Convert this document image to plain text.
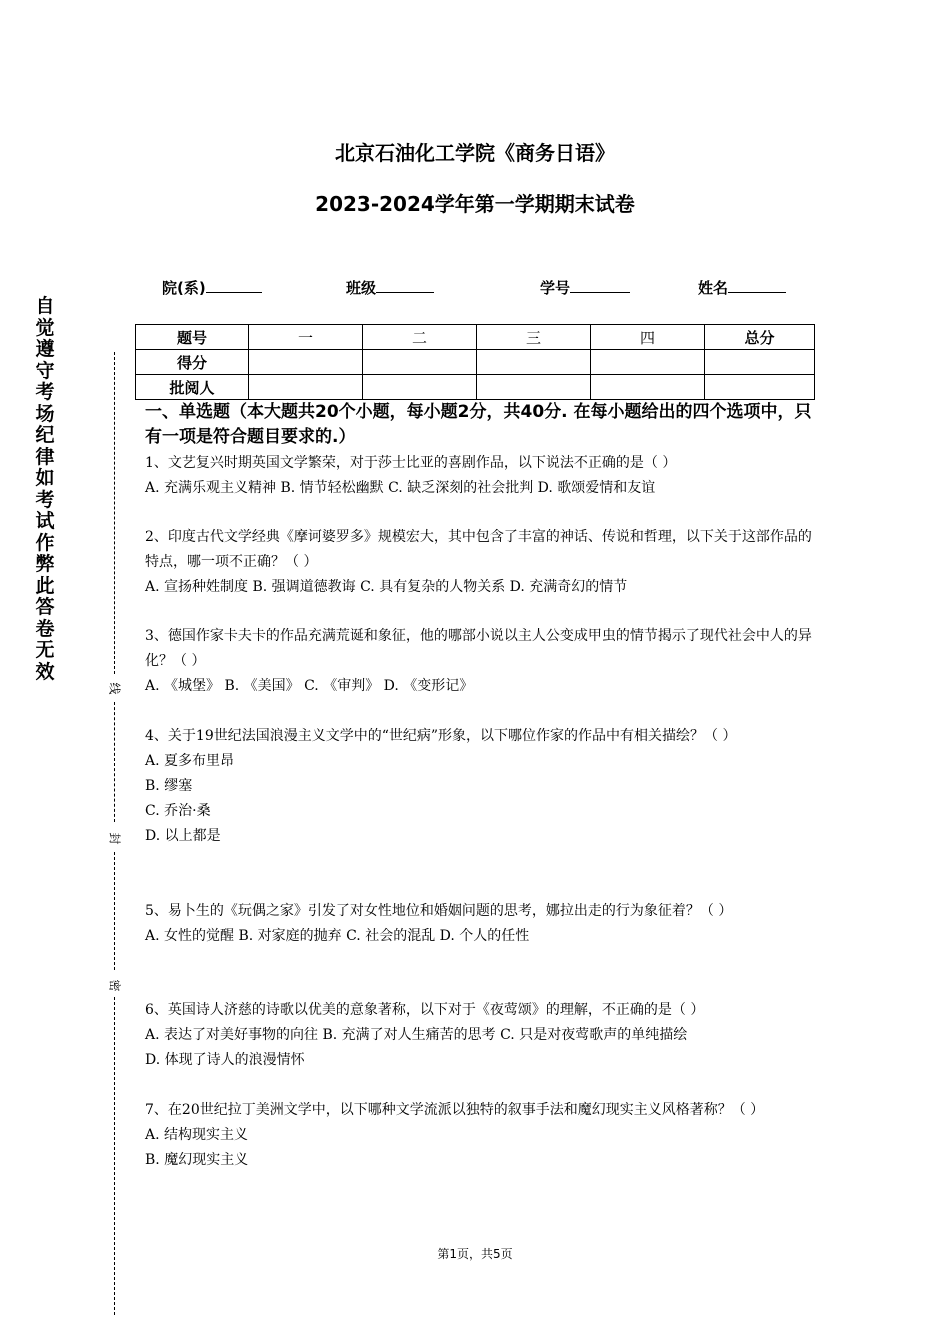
北京石油化工学院《商务日语》
2023-2024学年第一学期期末试卷
院(系)	班级	学号	姓名
题号	一	二	三	四	总分
得分					
批阅人					
自觉遵守考场纪律如考试作弊此答卷无效
线
封
密
一、单选题（本大题共20个小题，每小题2分，共40分. 在每小题给出的四个选项中，只有一项是符合题目要求的.）

1、文艺复兴时期英国文学繁荣，对于莎士比亚的喜剧作品，以下说法不正确的是（ ）

A. 充满乐观主义精神 B. 情节轻松幽默 C. 缺乏深刻的社会批判 D. 歌颂爱情和友谊

2、印度古代文学经典《摩诃婆罗多》规模宏大，其中包含了丰富的神话、传说和哲理，以下关于这部作品的特点，哪一项不正确？（ ）

A. 宣扬种姓制度 B. 强调道德教诲 C. 具有复杂的人物关系 D. 充满奇幻的情节

3、德国作家卡夫卡的作品充满荒诞和象征，他的哪部小说以主人公变成甲虫的情节揭示了现代社会中人的异化？（ ）

A. 《城堡》 B. 《美国》 C. 《审判》 D. 《变形记》

4、关于19世纪法国浪漫主义文学中的“世纪病”形象，以下哪位作家的作品中有相关描绘？（ ）

A. 夏多布里昂

B. 缪塞

C. 乔治·桑

D. 以上都是

5、易卜生的《玩偶之家》引发了对女性地位和婚姻问题的思考，娜拉出走的行为象征着？（ ）

A. 女性的觉醒 B. 对家庭的抛弃 C. 社会的混乱 D. 个人的任性

6、英国诗人济慈的诗歌以优美的意象著称，以下对于《夜莺颂》的理解，不正确的是（ ）

A. 表达了对美好事物的向往 B. 充满了对人生痛苦的思考 C. 只是对夜莺歌声的单纯描绘

D. 体现了诗人的浪漫情怀

7、在20世纪拉丁美洲文学中，以下哪种文学流派以独特的叙事手法和魔幻现实主义风格著称？（ ）

A. 结构现实主义

B. 魔幻现实主义

第1页，共5页
